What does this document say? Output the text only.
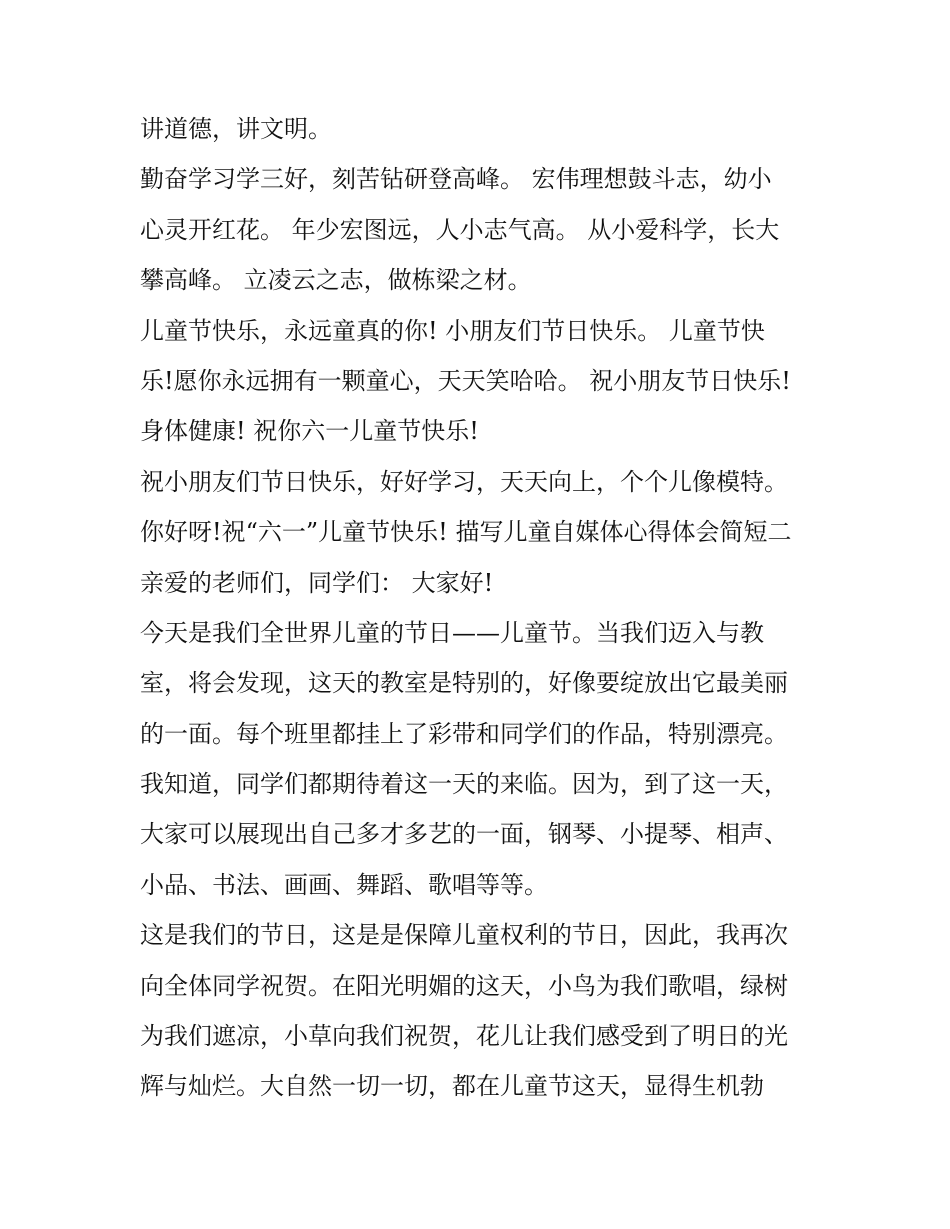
讲道德，讲文明。
勤奋学习学三好，刻苦钻研登高峰。 宏伟理想鼓斗志，幼小
心灵开红花。 年少宏图远，人小志气高。 从小爱科学，长大
攀高峰。 立凌云之志，做栋梁之材。
儿童节快乐，永远童真的你! 小朋友们节日快乐。 儿童节快
乐!愿你永远拥有一颗童心，天天笑哈哈。 祝小朋友节日快乐!
身体健康! 祝你六一儿童节快乐!
祝小朋友们节日快乐，好好学习，天天向上，个个儿像模特。
你好呀!祝“六一”儿童节快乐! 描写儿童自媒体心得体会简短二
亲爱的老师们，同学们： 大家好!
今天是我们全世界儿童的节日——儿童节。当我们迈入与教
室，将会发现，这天的教室是特别的，好像要绽放出它最美丽
的一面。每个班里都挂上了彩带和同学们的作品，特别漂亮。
我知道，同学们都期待着这一天的来临。因为，到了这一天，
大家可以展现出自己多才多艺的一面，钢琴、小提琴、相声、
小品、书法、画画、舞蹈、歌唱等等。
这是我们的节日，这是是保障儿童权利的节日，因此，我再次
向全体同学祝贺。在阳光明媚的这天，小鸟为我们歌唱，绿树
为我们遮凉，小草向我们祝贺，花儿让我们感受到了明日的光
辉与灿烂。大自然一切一切，都在儿童节这天，显得生机勃
